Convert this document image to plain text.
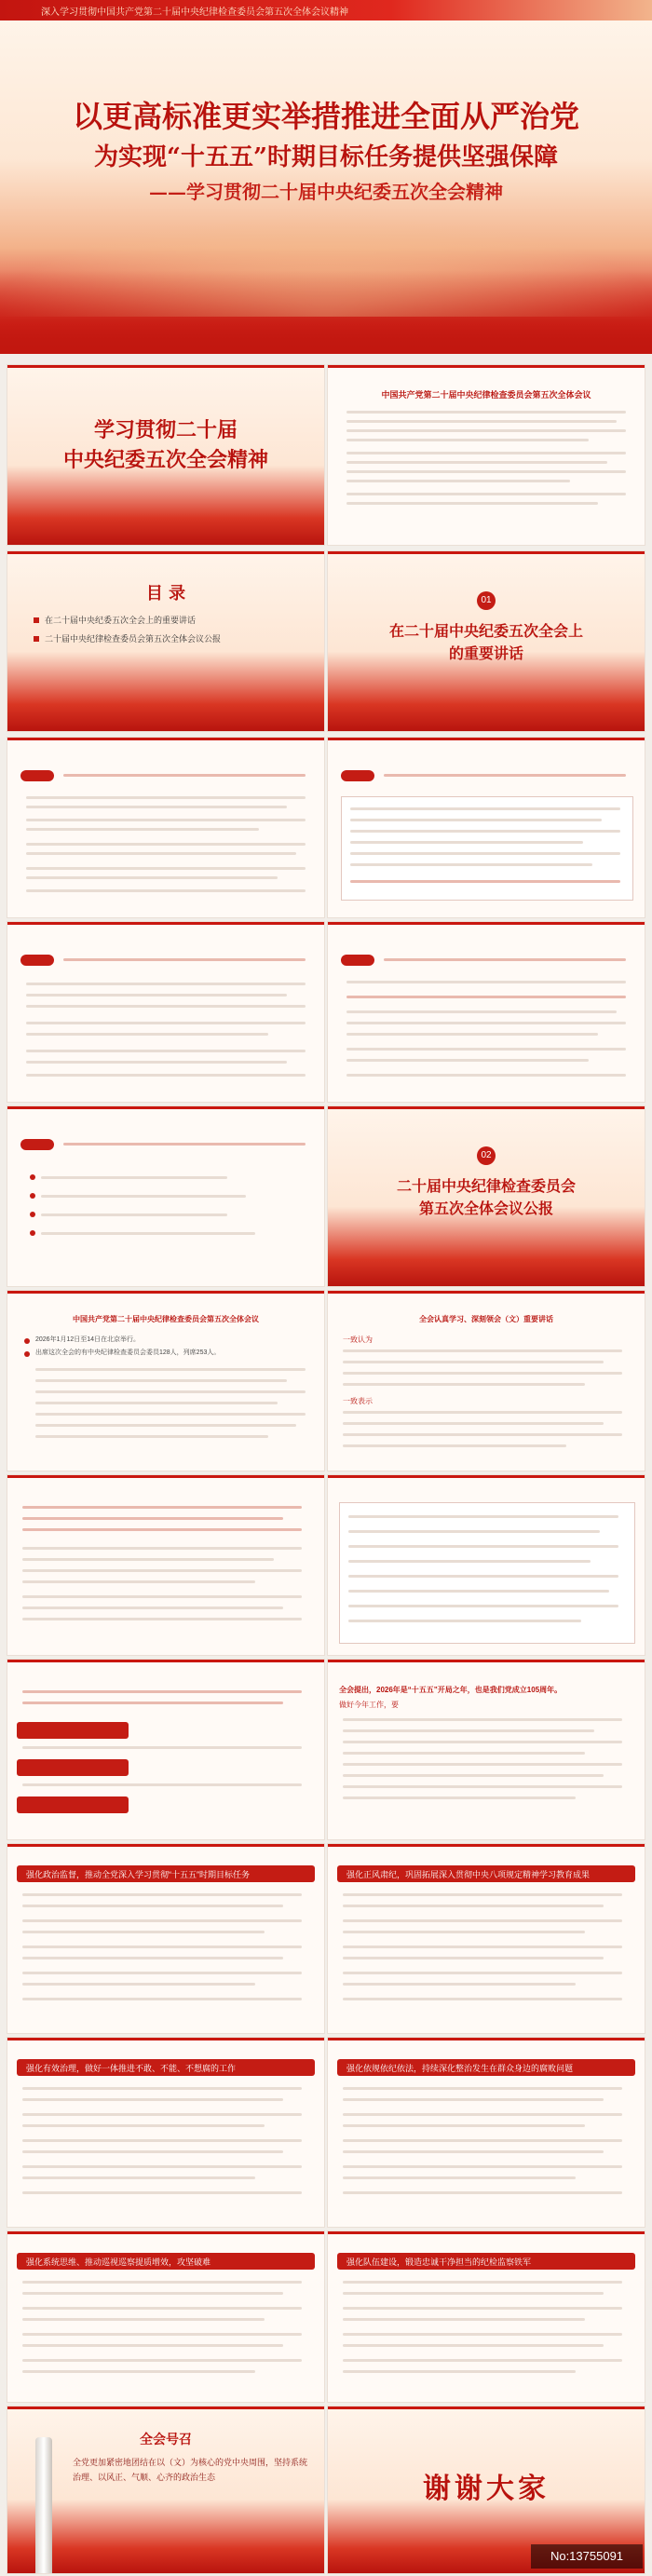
深入学习贯彻中国共产党第二十届中央纪律检查委员会第五次全体会议精神
以更高标准更实举措推进全面从严治党
为实现“十五五”时期目标任务提供坚强保障
——学习贯彻二十届中央纪委五次全会精神
学习贯彻二十届
中央纪委五次全会精神
中国共产党第二十届中央纪律检查委员会第五次全体会议
目 录
在二十届中央纪委五次全会上的重要讲话
二十届中央纪律检查委员会第五次全体会议公报
01
在二十届中央纪委五次全会上
的重要讲话
02
二十届中央纪律检查委员会
第五次全体会议公报
中国共产党第二十届中央纪律检查委员会第五次全体会议
2026年1月12日至14日在北京举行。
出席这次全会的有中央纪律检查委员会委员128人，列席253人。
全会认真学习、深刻领会（文）重要讲话
一致认为
一致表示
全会提出，2026年是“十五五”开局之年，也是我们党成立105周年。
做好今年工作，要
强化政治监督，推动全党深入学习贯彻“十五五”时期目标任务	强化正风肃纪，巩固拓展深入贯彻中央八项规定精神学习教育成果
强化有效治理，做好一体推进不敢、不能、不想腐的工作	强化依规依纪依法，持续深化整治发生在群众身边的腐败问题
强化系统思维、推动巡视巡察提质增效，攻坚破难	强化队伍建设，锻造忠诚干净担当的纪检监察铁军
全会号召
全党更加紧密地团结在以（文）为核心的党中央周围，坚持系统治理、以风正、气顺、心齐的政治生态	谢谢大家
No:13755091
